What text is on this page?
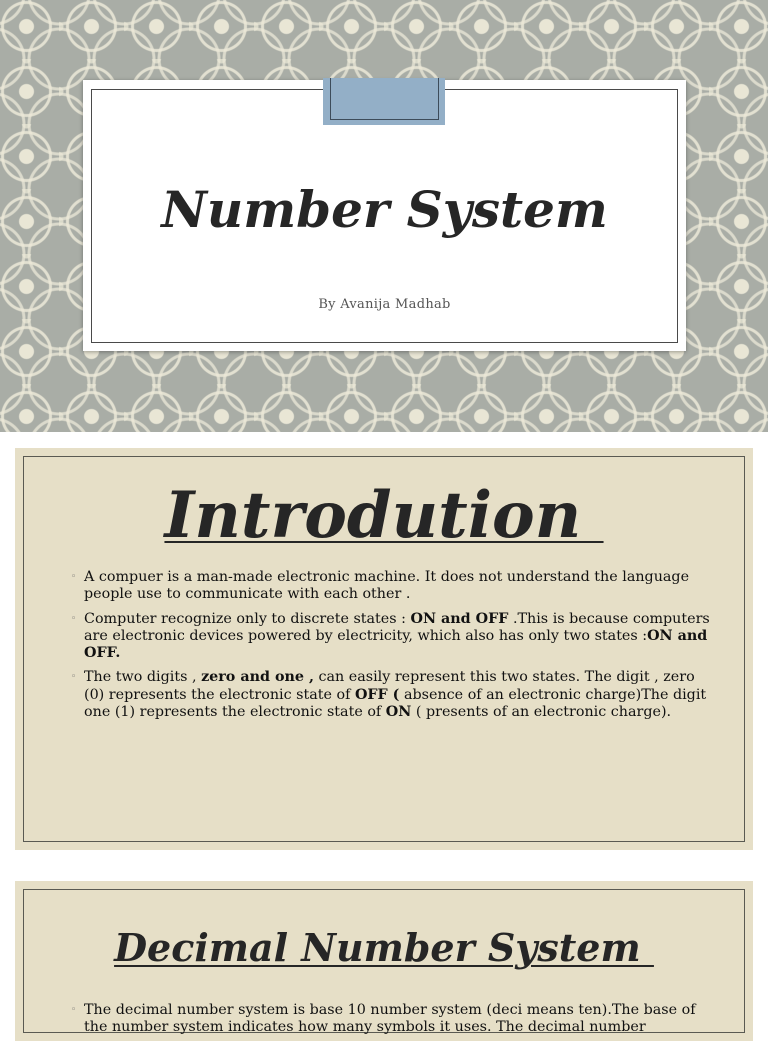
Number System

By Avanija Madhab

Introdution
◦ A compuer is a man-made electronic machine. It does not understand the language people use to communicate with each other .
◦ Computer recognize only to discrete states : ON and OFF .This is because computers are electronic devices powered by electricity, which also has only two states :ON and OFF.
◦ The two digits , zero and one , can easily represent this two states. The digit , zero (0) represents the electronic state of OFF ( absence of an electronic charge)The digit one (1) represents the electronic state of ON ( presents of an electronic charge).
Decimal Number System
◦ The decimal number system is base 10 number system (deci means ten).The base of the number system indicates how many symbols it uses. The decimal number
